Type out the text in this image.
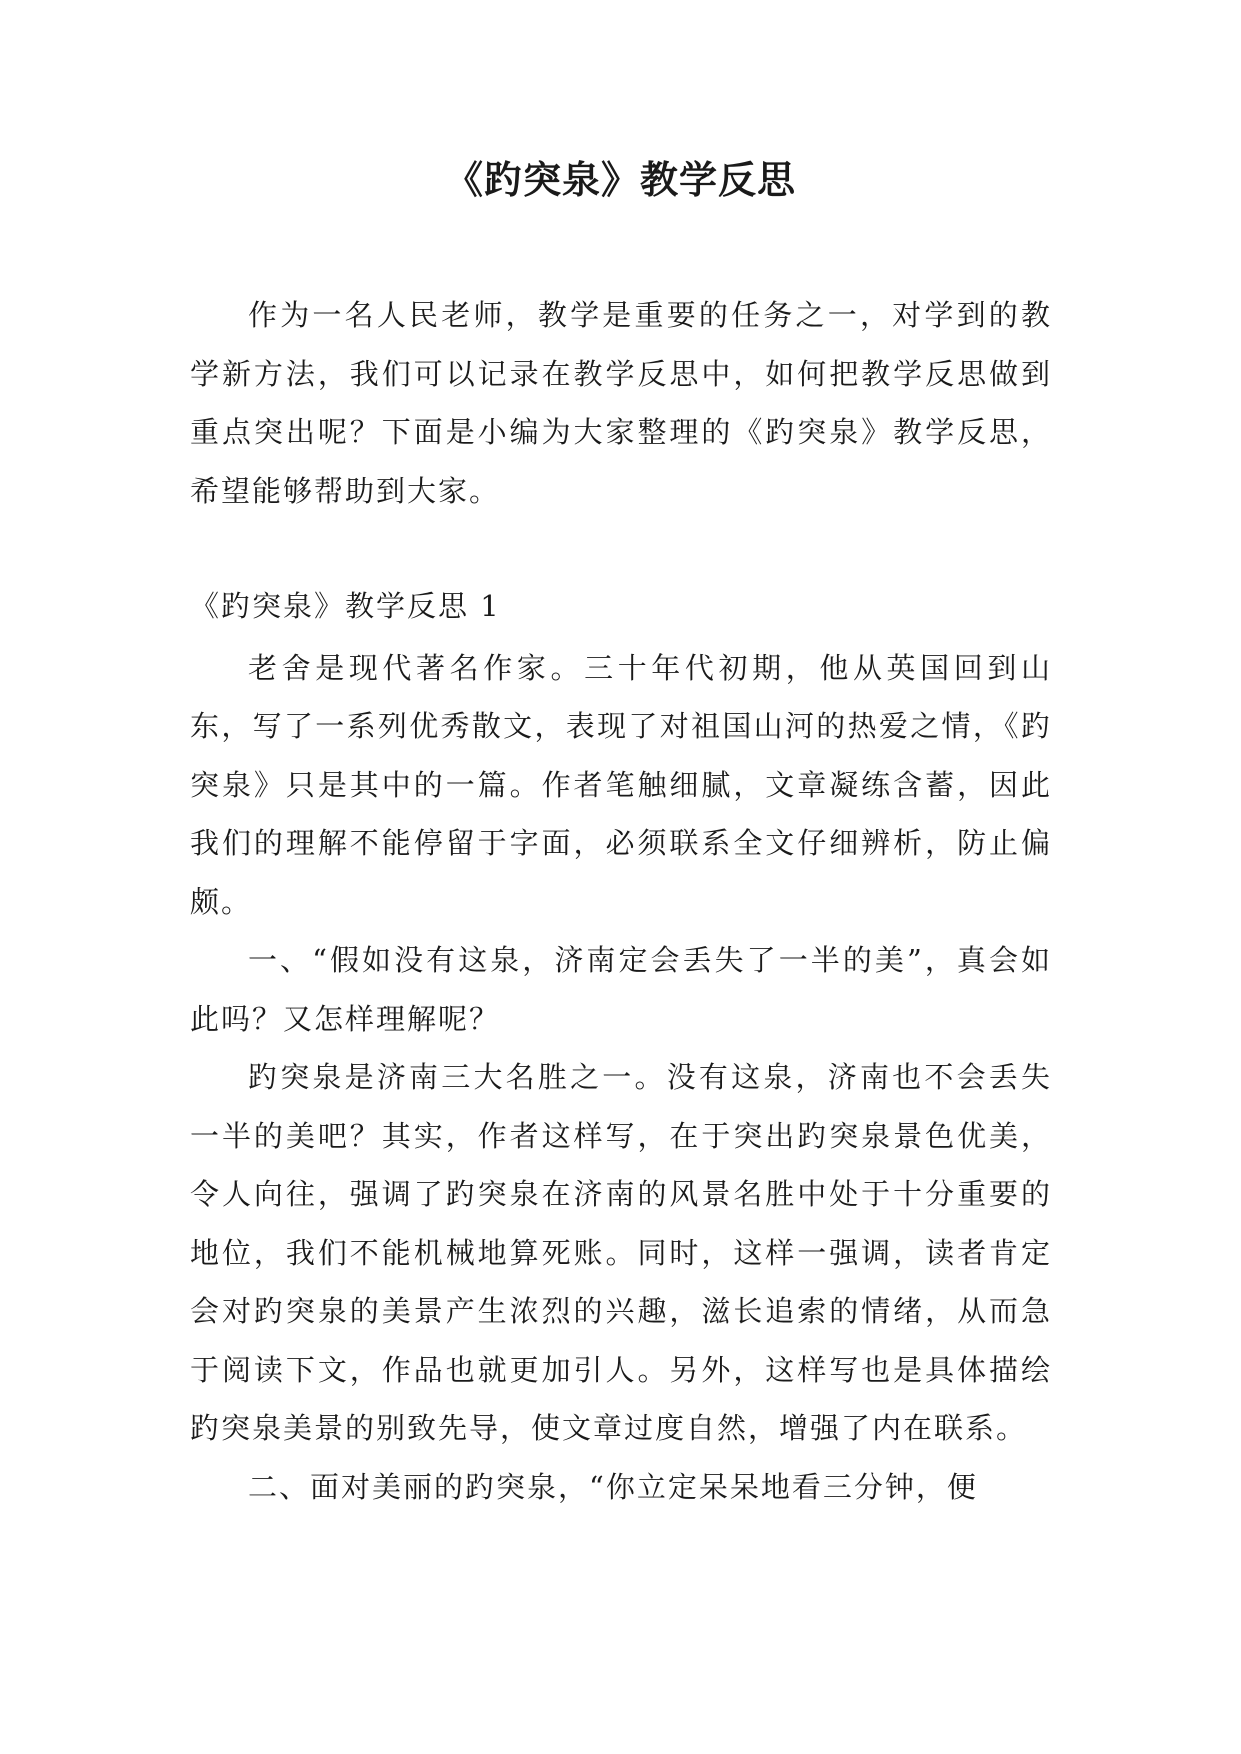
《趵突泉》教学反思

作为一名人民老师，教学是重要的任务之一，对学到的教学新方法，我们可以记录在教学反思中，如何把教学反思做到重点突出呢？下面是小编为大家整理的《趵突泉》教学反思，希望能够帮助到大家。

《趵突泉》教学反思 1

老舍是现代著名作家。三十年代初期，他从英国回到山东，写了一系列优秀散文，表现了对祖国山河的热爱之情，《趵突泉》只是其中的一篇。作者笔触细腻，文章凝练含蓄，因此我们的理解不能停留于字面，必须联系全文仔细辨析，防止偏颇。

一、“假如没有这泉，济南定会丢失了一半的美”，真会如此吗？又怎样理解呢？

趵突泉是济南三大名胜之一。没有这泉，济南也不会丢失一半的美吧？其实，作者这样写，在于突出趵突泉景色优美，令人向往，强调了趵突泉在济南的风景名胜中处于十分重要的地位，我们不能机械地算死账。同时，这样一强调，读者肯定会对趵突泉的美景产生浓烈的兴趣，滋长追索的情绪，从而急于阅读下文，作品也就更加引人。另外，这样写也是具体描绘趵突泉美景的别致先导，使文章过度自然，增强了内在联系。

二、面对美丽的趵突泉，“你立定呆呆地看三分钟，便
